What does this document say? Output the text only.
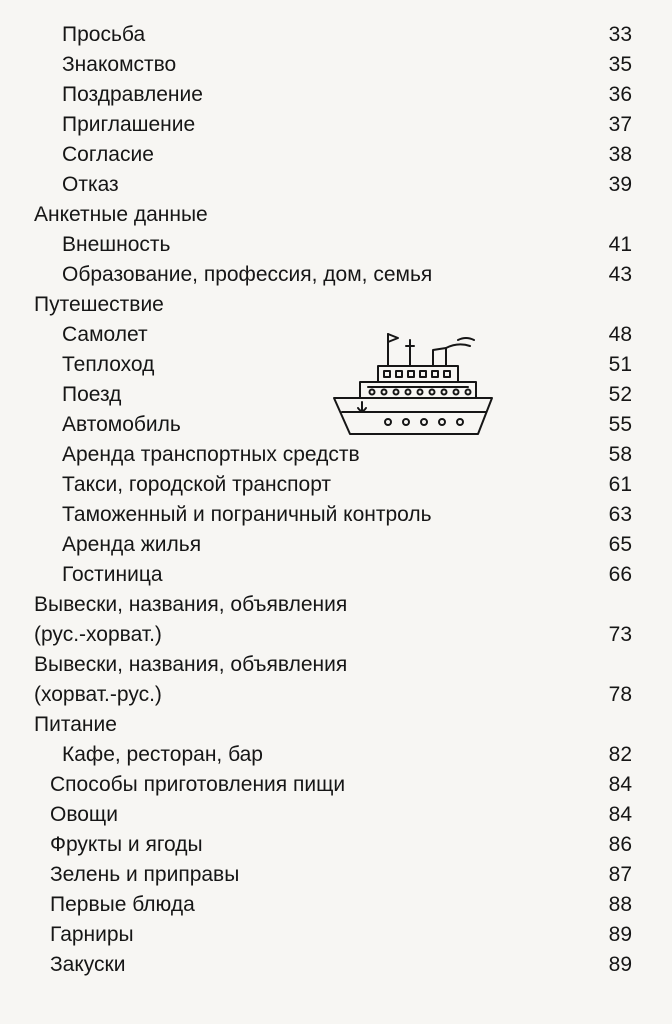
Просьба	33
Знакомство	35
Поздравление	36
Приглашение	37
Согласие	38
Отказ	39
Анкетные данные
Внешность	41
Образование, профессия, дом, семья	43
Путешествие
Самолет	48
Теплоход	51
Поезд	52
Автомобиль	55
Аренда транспортных средств	58
Такси, городской транспорт	61
Таможенный и пограничный контроль	63
Аренда жилья	65
Гостиница	66
Вывески, названия, объявления
(рус.-хорват.)	73
Вывески, названия, объявления
(хорват.-рус.)	78
Питание
Кафе, ресторан, бар	82
Способы приготовления пищи	84
Овощи	84
Фрукты и ягоды	86
Зелень и приправы	87
Первые блюда	88
Гарниры	89
Закуски	89
